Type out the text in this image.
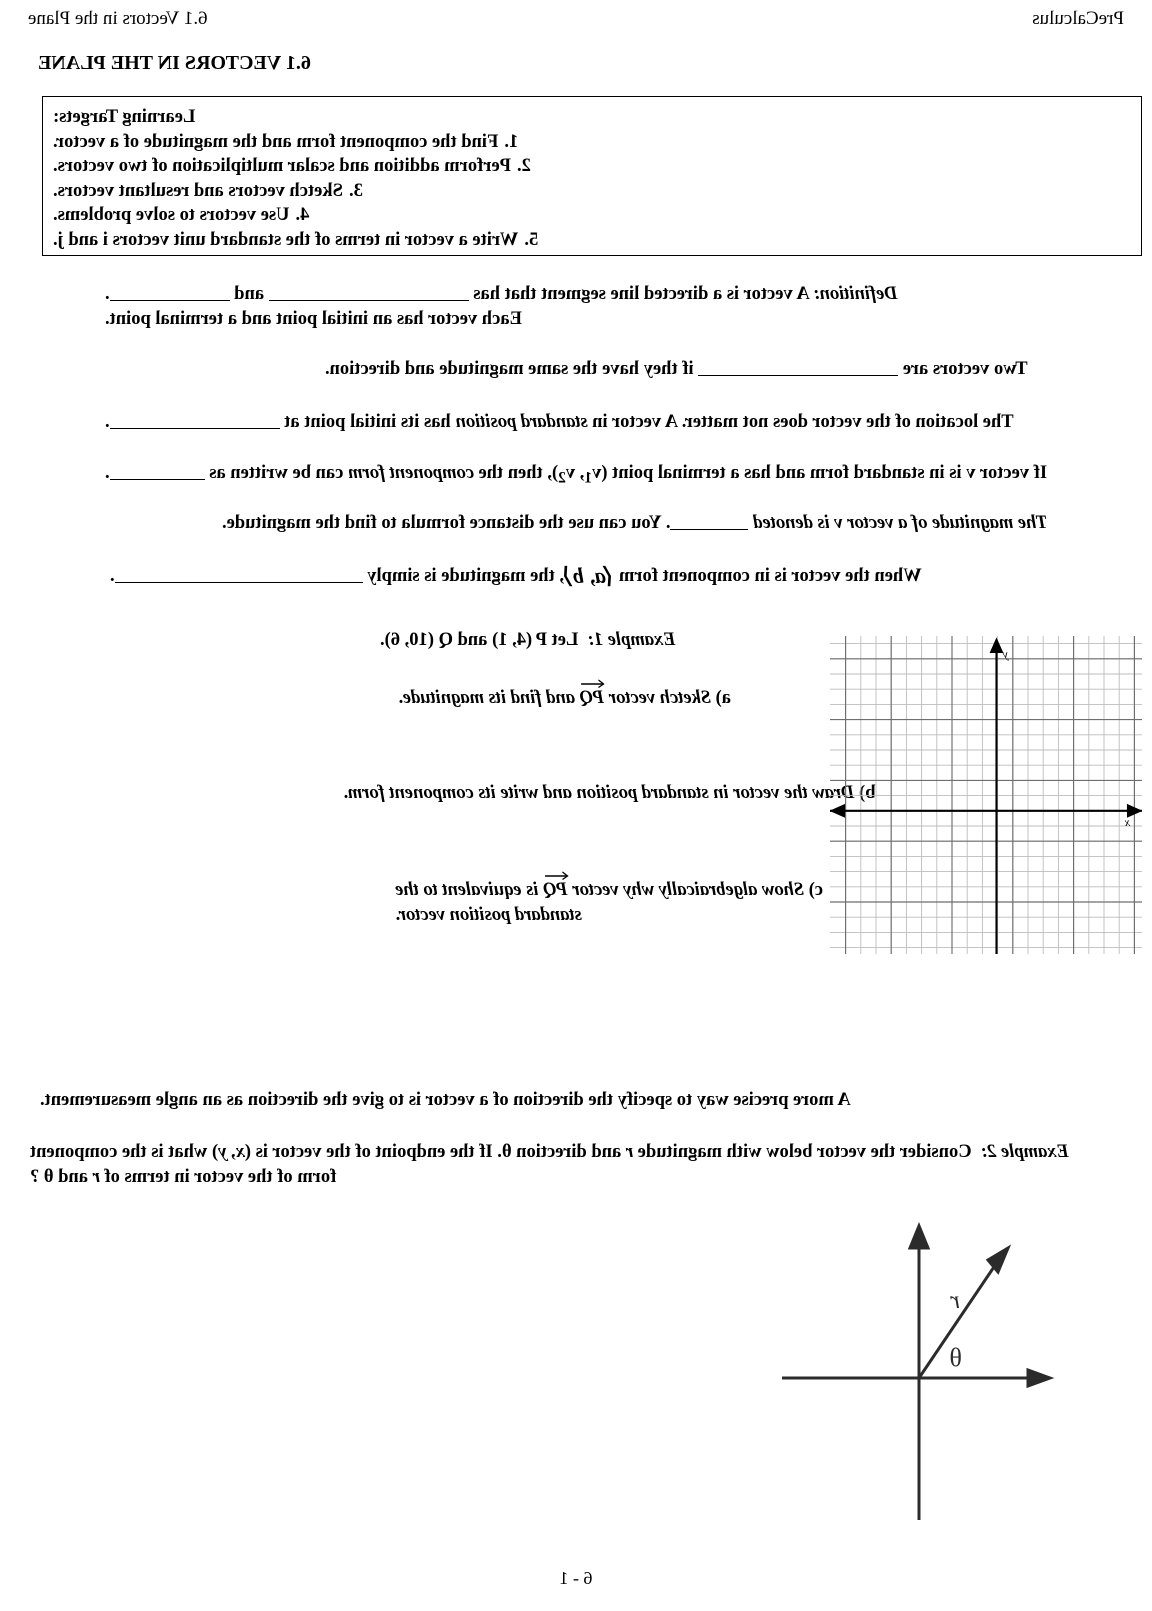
PreCalculus
6.1 Vectors in the Plane
6.1 VECTORS IN THE PLANE
Learning Targets:
1.Find the component form and the magnitude of a vector.
2.Perform addition and scalar multiplication of two vectors.
3.Sketch vectors and resultant vectors.
4.Use vectors to solve problems.
5.Write a vector in terms of the standard unit vectors i and j.
Definition: A vector is a directed line segment that has  and .
Each vector has an initial point and a terminal point.
Two vectors are  if they have the same magnitude and direction.
The location of the vector does not matter. A vector in standard position has its initial point at .
If vector v is in standard form and has a terminal point ($v_1$, $v_2$), then the component form can be written as .
The magnitude of a vector v is denoted . You can use the distance formula to find the magnitude.
When the vector is in component form ⟨a, b⟩, the magnitude is simply .
Example 1:  Let P (4, 1) and Q (10, 6).
a) Sketch vector PQ
and find its magnitude.
b) Draw the vector in standard position and write its component form.
c) Show algebraically why vector PQ
is equivalent to the standard position vector.
x
y
A more precise way to specify the direction of a vector is to give the direction as an angle measurement.
Example 2:  Consider the vector below with magnitude r and direction θ. If the endpoint of the vector is (x, y) what is the component form of the vector in terms of r and θ ?
r
θ
6 - 1
